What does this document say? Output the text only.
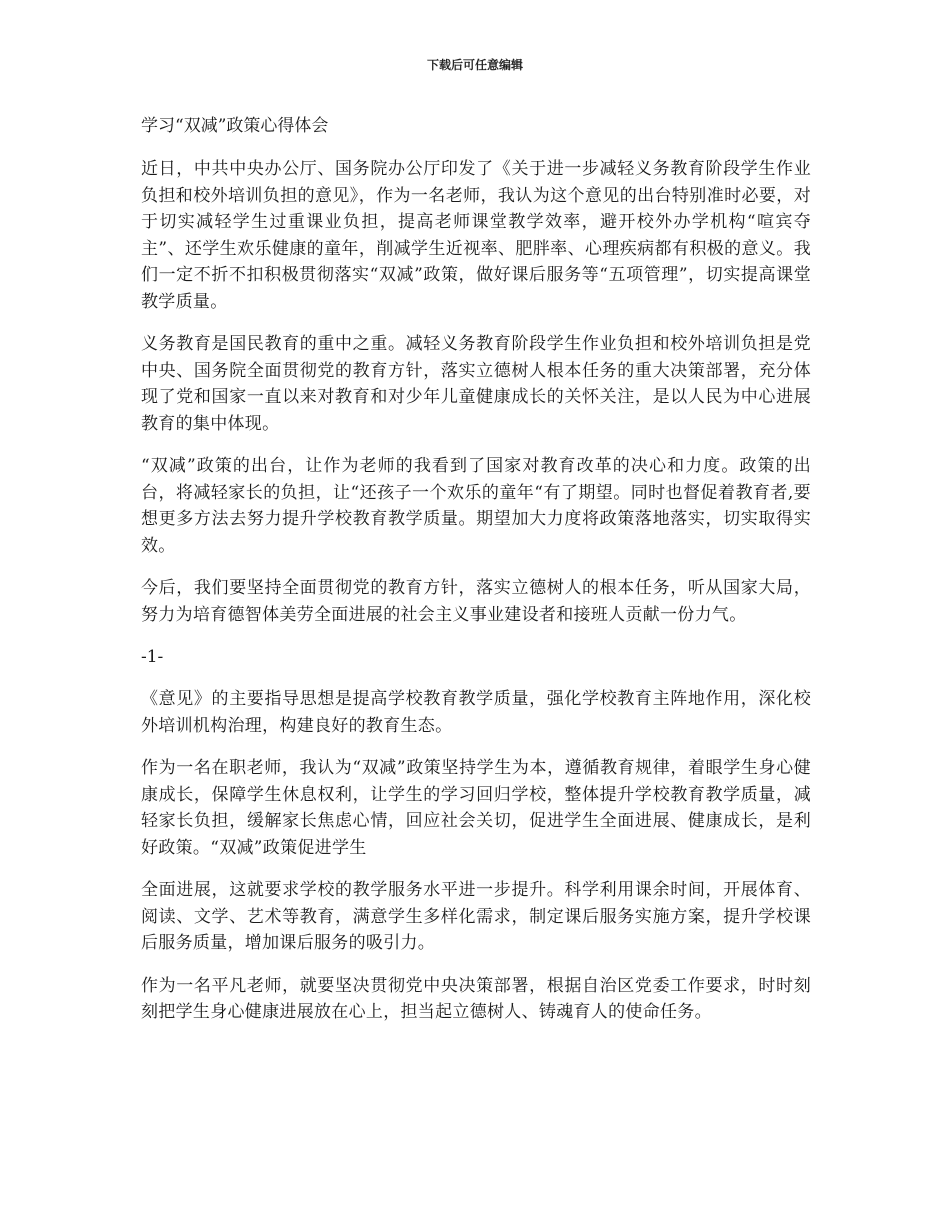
下载后可任意编辑
学习“双减”政策心得体会

近日，中共中央办公厅、国务院办公厅印发了《关于进一步减轻义务教育阶段学生作业负担和校外培训负担的意见》，作为一名老师，我认为这个意见的出台特别准时必要，对于切实减轻学生过重课业负担，提高老师课堂教学效率，避开校外办学机构“喧宾夺主”、还学生欢乐健康的童年，削减学生近视率、肥胖率、心理疾病都有积极的意义。我们一定不折不扣积极贯彻落实“双减”政策，做好课后服务等“五项管理”，切实提高课堂教学质量。

义务教育是国民教育的重中之重。减轻义务教育阶段学生作业负担和校外培训负担是党中央、国务院全面贯彻党的教育方针，落实立德树人根本任务的重大决策部署，充分体现了党和国家一直以来对教育和对少年儿童健康成长的关怀关注，是以人民为中心进展教育的集中体现。

“双减”政策的出台，让作为老师的我看到了国家对教育改革的决心和力度。政策的出台，将减轻家长的负担，让“还孩子一个欢乐的童年“有了期望。同时也督促着教育者,要想更多方法去努力提升学校教育教学质量。期望加大力度将政策落地落实，切实取得实效。

今后，我们要坚持全面贯彻党的教育方针，落实立德树人的根本任务，听从国家大局，努力为培育德智体美劳全面进展的社会主义事业建设者和接班人贡献一份力气。

-1-

《意见》的主要指导思想是提高学校教育教学质量，强化学校教育主阵地作用，深化校外培训机构治理，构建良好的教育生态。

作为一名在职老师，我认为“双减”政策坚持学生为本，遵循教育规律，着眼学生身心健康成长，保障学生休息权利，让学生的学习回归学校，整体提升学校教育教学质量，减轻家长负担，缓解家长焦虑心情，回应社会关切，促进学生全面进展、健康成长，是利好政策。“双减”政策促进学生

全面进展，这就要求学校的教学服务水平进一步提升。科学利用课余时间，开展体育、阅读、文学、艺术等教育，满意学生多样化需求，制定课后服务实施方案，提升学校课后服务质量，增加课后服务的吸引力。

作为一名平凡老师，就要坚决贯彻党中央决策部署，根据自治区党委工作要求，时时刻刻把学生身心健康进展放在心上，担当起立德树人、铸魂育人的使命任务。
